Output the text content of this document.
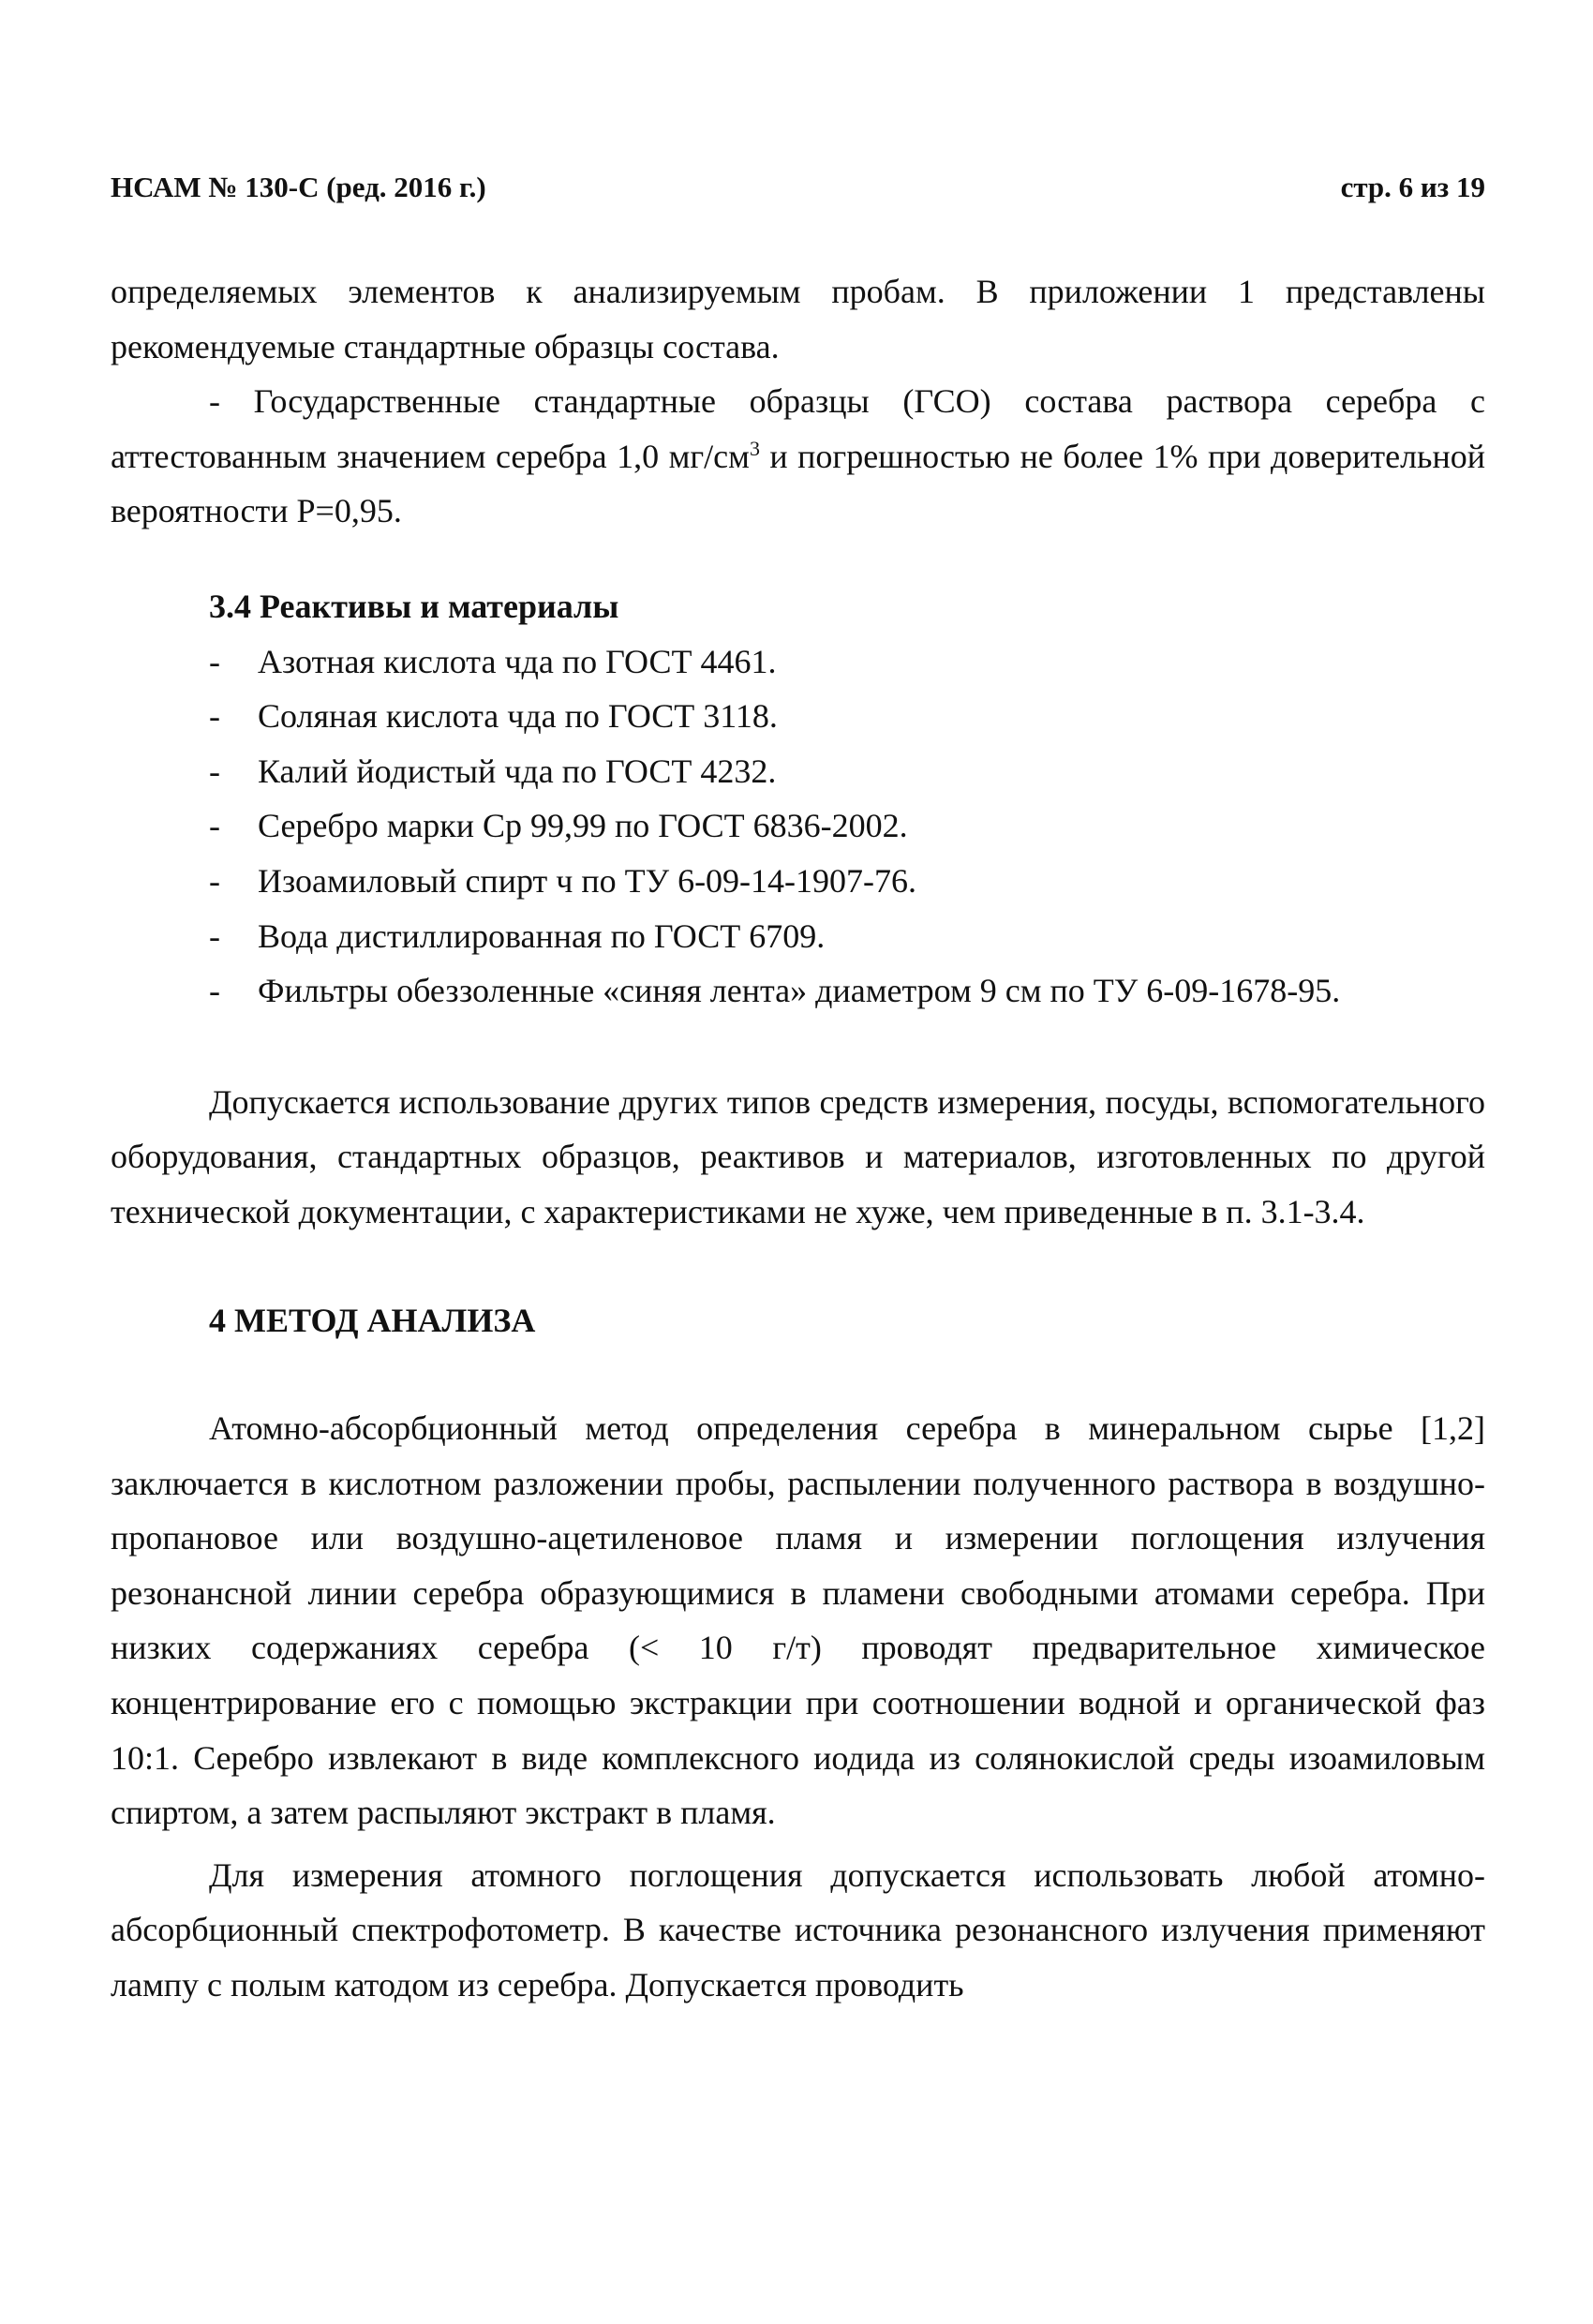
НСАМ № 130-С (ред. 2016 г.)	стр. 6 из 19

определяемых элементов к анализируемым пробам. В приложении 1 представлены рекомендуемые стандартные образцы состава.

- Государственные стандартные образцы (ГСО) состава раствора серебра с аттестованным значением серебра 1,0 $мг/см^3$ и погрешностью не более 1% при доверительной вероятности P=0,95.

3.4 Реактивы и материалы
- Азотная кислота чда по ГОСТ 4461.
- Соляная кислота чда по ГОСТ 3118.
- Калий йодистый чда по ГОСТ 4232.
- Серебро марки Ср 99,99 по ГОСТ 6836-2002.
- Изоамиловый спирт ч по ТУ 6-09-14-1907-76.
- Вода дистиллированная по ГОСТ 6709.
- Фильтры обеззоленные «синяя лента» диаметром 9 см по ТУ 6-09-1678-95.

Допускается использование других типов средств измерения, посуды, вспомогательного оборудования, стандартных образцов, реактивов и материалов, изготовленных по другой технической документации, с характеристиками не хуже, чем приведенные в п. 3.1-3.4.

4 МЕТОД АНАЛИЗА

Атомно-абсорбционный метод определения серебра в минеральном сырье [1,2] заключается в кислотном разложении пробы, распылении полученного раствора в воздушно-пропановое или воздушно-ацетиленовое пламя и измерении поглощения излучения резонансной линии серебра образующимися в пламени свободными атомами серебра. При низких содержаниях серебра (< 10 г/т) проводят предварительное химическое концентрирование его с помощью экстракции при соотношении водной и органической фаз 10:1. Серебро извлекают в виде комплексного иодида из солянокислой среды изоамиловым спиртом, а затем распыляют экстракт в пламя.

Для измерения атомного поглощения допускается использовать любой атомно-абсорбционный спектрофотометр. В качестве источника резонансного излучения применяют лампу с полым катодом из серебра. Допускается проводить
